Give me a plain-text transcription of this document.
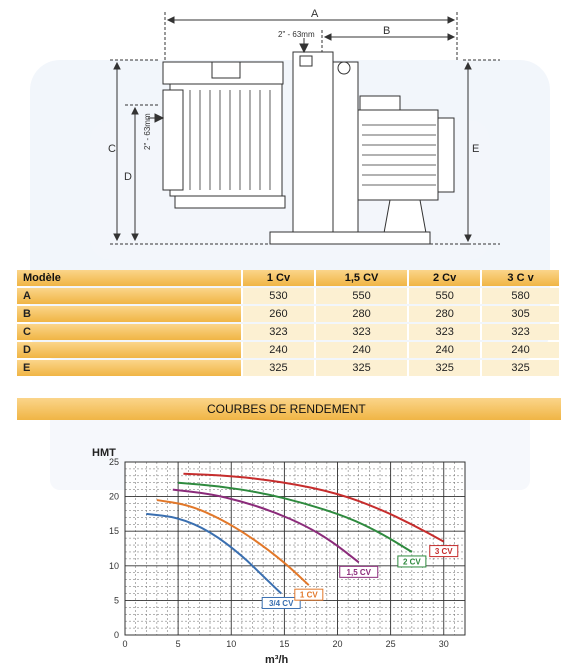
A
B
C
D
E
2" - 63mm
2" - 63mm
Modèle	1 Cv	1,5 CV	2 Cv	3 C v
A	530	550	550	580
B	260	280	280	305
C	323	323	323	323
D	240	240	240	240
E	325	325	325	325
COURBES DE RENDEMENT
0	5	10	15	20	25	30
0
5
10
15
20
25
3/4 CV
1 CV
1,5 CV
2 CV
3 CV
HMT
m³/h
